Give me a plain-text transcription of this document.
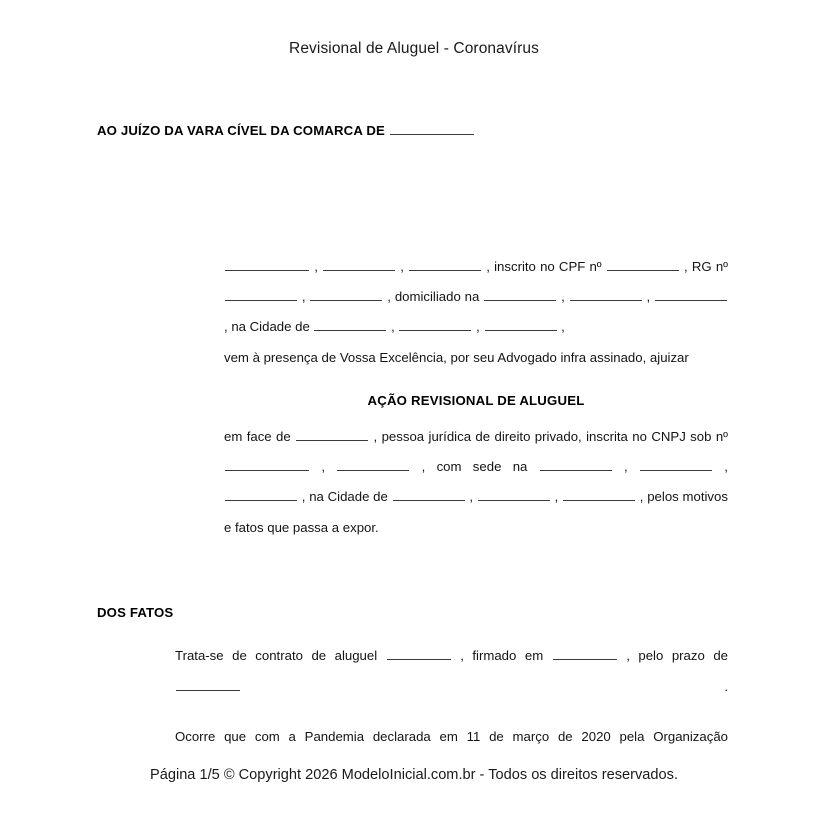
Revisional de Aluguel - Coronavírus
AO JUÍZO DA VARA CÍVEL DA COMARCA DE

,	,	, inscrito no CPF nº	, RG nº  ,	, domiciliado na	,	,  , na Cidade de	,	,	,

vem à presença de Vossa Excelência, por seu Advogado infra assinado, ajuizar

AÇÃO REVISIONAL DE ALUGUEL

em face de	, pessoa jurídica de direito privado, inscrita no CNPJ sob nº  ,	, com sede na	,	,  , na Cidade de	,	,	, pelos motivos e fatos que passa a expor.

DOS FATOS

Trata-se de contrato de aluguel	, firmado em	, pelo prazo de  .

Ocorre que com a Pandemia declarada em 11 de março de 2020 pela Organização

Página 1/5 © Copyright 2026 ModeloInicial.com.br - Todos os direitos reservados.
